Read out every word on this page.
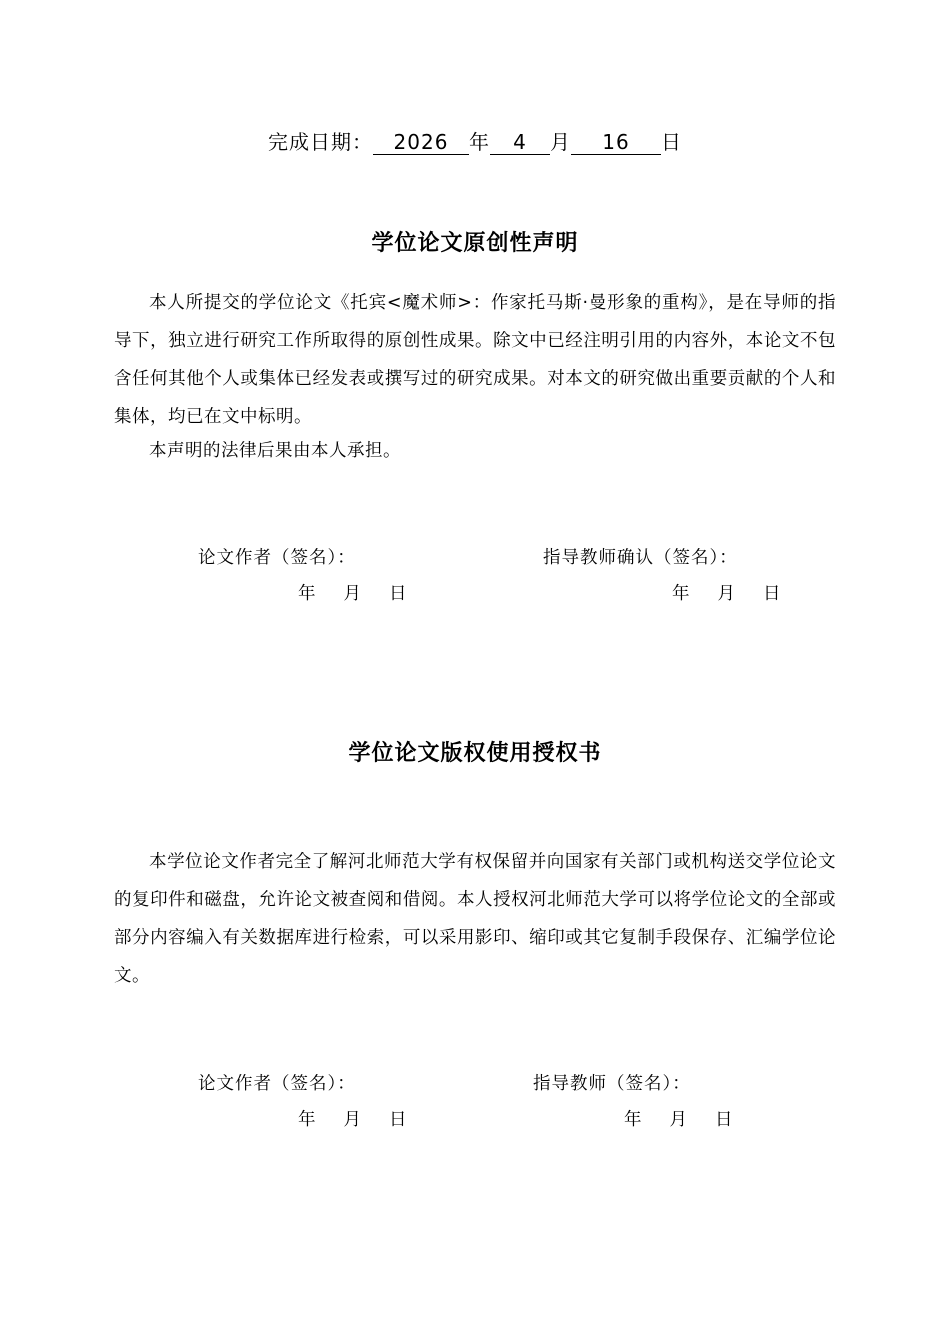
完成日期： 2026 年 4 月 16 日
学位论文原创性声明

本人所提交的学位论文《托宾<魔术师>：作家托马斯·曼形象的重构》，是在导师的指导下，独立进行研究工作所取得的原创性成果。除文中已经注明引用的内容外，本论文不包含任何其他个人或集体已经发表或撰写过的研究成果。对本文的研究做出重要贡献的个人和集体，均已在文中标明。

本声明的法律后果由本人承担。

论文作者（签名）：	指导教师确认（签名）：
年 月 日	年 月 日
学位论文版权使用授权书

本学位论文作者完全了解河北师范大学有权保留并向国家有关部门或机构送交学位论文的复印件和磁盘，允许论文被查阅和借阅。本人授权河北师范大学可以将学位论文的全部或部分内容编入有关数据库进行检索，可以采用影印、缩印或其它复制手段保存、汇编学位论文。

论文作者（签名）：	指导教师（签名）：
年 月 日	年 月 日
